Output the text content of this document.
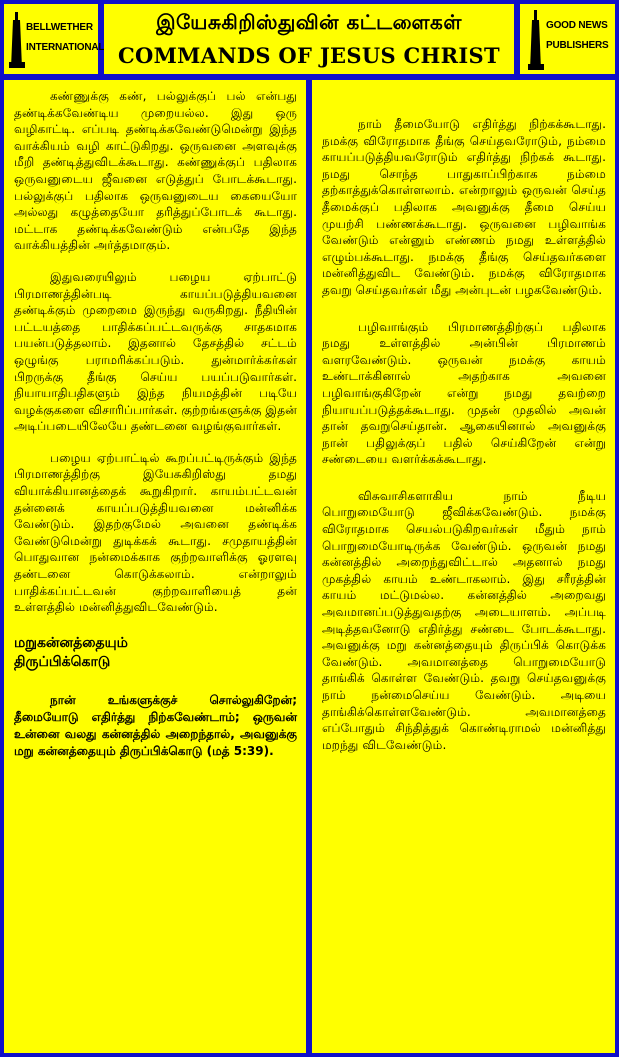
BELLWETHER
INTERNATIONAL
இயேசுகிறிஸ்துவின் கட்டளைகள்
COMMANDS OF JESUS CHRIST
GOOD NEWS
PUBLISHERS

கண்ணுக்கு கண், பல்லுக்குப் பல் என்பது தண்டிக்கவேண்டிய முறையல்ல. இது ஒரு வழிகாட்டி. எப்படி தண்டிக்கவேண்டுமென்று இந்த வாக்கியம் வழி காட்டுகிறது. ஒருவனை அளவுக்கு மீறி தண்டித்துவிடக்கூடாது. கண்ணுக்குப் பதிலாக ஒருவனுடைய ஜீவனை எடுத்துப் போடக்கூடாது. பல்லுக்குப் பதிலாக ஒருவனுடைய கையையோ அல்லது கழுத்தையோ தரித்துப்போடக் கூடாது. மட்டாக தண்டிக்கவேண்டும் என்பதே இந்த வாக்கியத்தின் அர்த்தமாகும்.

இதுவரையிலும் பழைய ஏற்பாட்டு பிரமாணத்தின்படி காயப்படுத்தியவனை தண்டிக்கும் முறைமை இருந்து வருகிறது. நீதியின் பட்டயத்தை பாதிக்கப்பட்டவருக்கு சாதகமாக பயன்படுத்தலாம். இதனால் தேசத்தில் சட்டம் ஒழுங்கு பராமரிக்கப்படும். துன்மார்க்கர்கள் பிறருக்கு தீங்கு செய்ய பயப்படுவார்கள். நியாயாதிபதிகளும் இந்த நியமத்தின் படியே வழக்குகளை விசாரிப்பார்கள். குற்றங்களுக்கு இதன் அடிப்படையிலேயே தண்டனை வழங்குவார்கள்.

பழைய ஏற்பாட்டில் கூறப்பட்டிருக்கும் இந்த பிரமாணத்திற்கு இயேசுகிறிஸ்து தமது வியாக்கியானத்தைக் கூறுகிறார். காயம்பட்டவன் தன்னைக் காயப்படுத்தியவனை மன்னிக்க வேண்டும். இதற்குமேல் அவனை தண்டிக்க வேண்டுமென்று துடிக்கக் கூடாது. சமுதாயத்தின் பொதுவான நன்மைக்காக குற்றவாளிக்கு ஓரளவு தண்டனை கொடுக்கலாம். என்றாலும் பாதிக்கப்பட்டவன் குற்றவாளியைத் தன் உள்ளத்தில் மன்னித்துவிடவேண்டும்.

மறுகன்னத்தையும்
திருப்பிக்கொடு

நான் உங்களுக்குச் சொல்லுகிறேன்; தீமையோடு எதிர்த்து நிற்கவேண்டாம்; ஒருவன் உன்னை வலது கன்னத்தில் அறைந்தால், அவனுக்கு மறு கன்னத்தையும் திருப்பிக்கொடு (மத் 5:39).

நாம் தீமையோடு எதிர்த்து நிற்கக்கூடாது. நமக்கு விரோதமாக தீங்கு செய்தவரோடும், நம்மை காயப்படுத்தியவரோடும் எதிர்த்து நிற்கக் கூடாது. நமது சொந்த பாதுகாப்பிற்காக நம்மை தற்காத்துக்கொள்ளலாம். என்றாலும் ஒருவன் செய்த தீமைக்குப் பதிலாக அவனுக்கு தீமை செய்ய முயற்சி பண்ணக்கூடாது. ஒருவனை பழிவாங்க வேண்டும் என்னும் எண்ணம் நமது உள்ளத்தில் எழும்பக்கூடாது. நமக்கு தீங்கு செய்தவர்களை மன்னித்துவிட வேண்டும். நமக்கு விரோதமாக தவறு செய்தவர்கள் மீது அன்புடன் பழகவேண்டும்.

பழிவாங்கும் பிரமாணத்திற்குப் பதிலாக நமது உள்ளத்தில் அன்பின் பிரமாணம் வளரவேண்டும். ஒருவன் நமக்கு காயம் உண்டாக்கினால் அதற்காக அவனை பழிவாங்குகிறேன் என்று நமது தவற்றை நியாயப்படுத்தக்கூடாது. முதன் முதலில் அவன் தான் தவறுசெய்தான். ஆகையினால் அவனுக்கு நான் பதிலுக்குப் பதில் செய்கிறேன் என்று சண்டையை வளர்க்கக்கூடாது.

விசுவாசிகளாகிய நாம் நீடிய பொறுமையோடு ஜீவிக்கவேண்டும். நமக்கு விரோதமாக செயல்படுகிறவர்கள் மீதும் நாம் பொறுமையோடிருக்க வேண்டும். ஒருவன் நமது கன்னத்தில் அறைந்துவிட்டால் அதனால் நமது முகத்தில் காயம் உண்டாகலாம். இது சரீரத்தின் காயம் மட்டுமல்ல. கன்னத்தில் அறைவது அவமானப்படுத்துவதற்கு அடையாளம். அப்படி அடித்தவனோடு எதிர்த்து சண்டை போடக்கூடாது. அவனுக்கு மறு கன்னத்தையும் திருப்பிக் கொடுக்க வேண்டும். அவமானத்தை பொறுமையோடு தாங்கிக் கொள்ள வேண்டும். தவறு செய்தவனுக்கு நாம் நன்மைசெய்ய வேண்டும். அடியை தாங்கிக்கொள்ளவேண்டும். அவமானத்தை எப்போதும் சிந்தித்துக் கொண்டிராமல் மன்னித்து மறந்து விடவேண்டும்.
